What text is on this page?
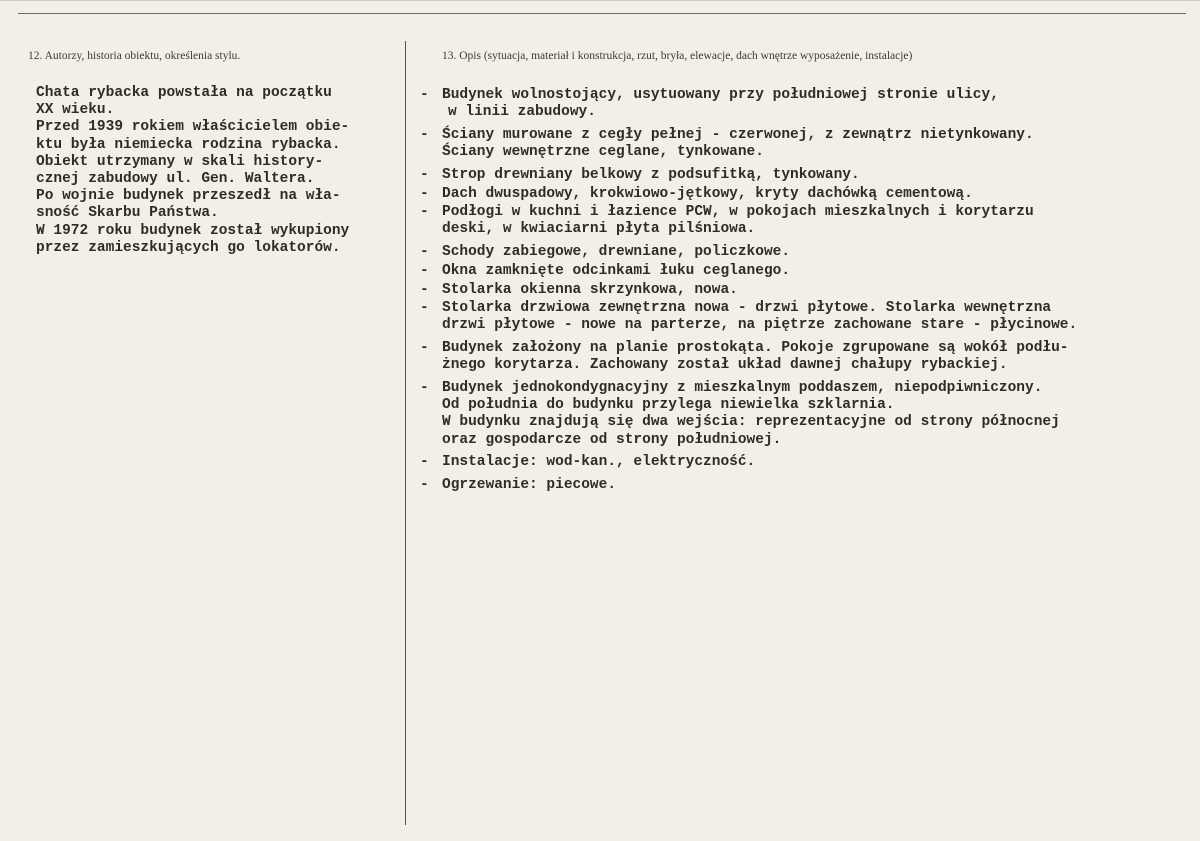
12. Autorzy, historia obiektu, określenia stylu.	13. Opis (sytuacja, materiał i konstrukcja, rzut, bryła, elewacje, dach wnętrze wyposażenie, instalacje)
Chata rybacka powstała na początku
XX wieku.
Przed 1939 rokiem właścicielem obie-
ktu była niemiecka rodzina rybacka.
Obiekt utrzymany w skali history-
cznej zabudowy ul. Gen. Waltera.
Po wojnie budynek przeszedł na wła-
sność Skarbu Państwa.
W 1972 roku budynek został wykupiony
przez zamieszkujących go lokatorów.
- Budynek wolnostojący, usytuowany przy południowej stronie ulicy,
w linii zabudowy.
- Ściany murowane z cegły pełnej - czerwonej, z zewnątrz nietynkowany.
Ściany wewnętrzne ceglane, tynkowane.
- Strop drewniany belkowy z podsufitką, tynkowany.
- Dach dwuspadowy, krokwiowo-jętkowy, kryty dachówką cementową.
- Podłogi w kuchni i łazience PCW, w pokojach mieszkalnych i korytarzu
deski, w kwiaciarni płyta pilśniowa.
- Schody zabiegowe, drewniane, policzkowe.
- Okna zamknięte odcinkami łuku ceglanego.
- Stolarka okienna skrzynkowa, nowa.
- Stolarka drzwiowa zewnętrzna nowa - drzwi płytowe. Stolarka wewnętrzna
drzwi płytowe - nowe na parterze, na piętrze zachowane stare - płycinowe.
- Budynek założony na planie prostokąta. Pokoje zgrupowane są wokół podłu-
żnego korytarza. Zachowany został układ dawnej chałupy rybackiej.
- Budynek jednokondygnacyjny z mieszkalnym poddaszem, niepodpiwniczony.
Od południa do budynku przylega niewielka szklarnia.
W budynku znajdują się dwa wejścia: reprezentacyjne od strony północnej
oraz gospodarcze od strony południowej.
- Instalacje: wod-kan., elektryczność.
- Ogrzewanie: piecowe.
